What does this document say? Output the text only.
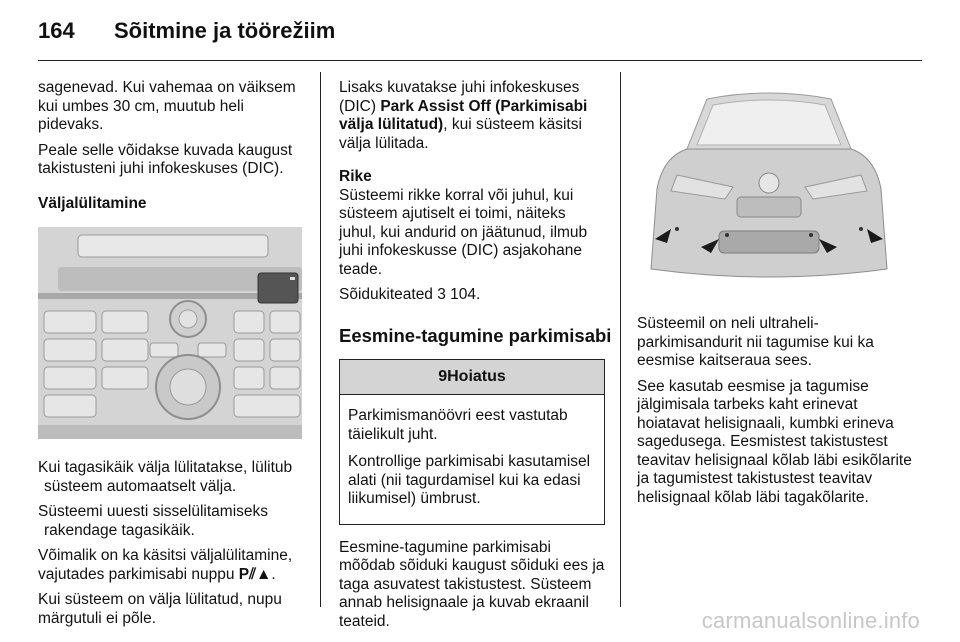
164 Sõitmine ja töörežiim

sagenevad. Kui vahemaa on väiksem kui umbes 30 cm, muutub heli pidevaks.

Peale selle võidakse kuvada kaugust takistusteni juhi infokeskuses (DIC).

Väljalülitamine

Kui tagasikäik välja lülitatakse, lülitub süsteem automaatselt välja.

Süsteemi uuesti sisselülitamiseks rakendage tagasikäik.

Võimalik on ka käsitsi väljalülitamine, vajutades parkimisabi nuppu P⫽▲.

Kui süsteem on välja lülitatud, nupu märgutuli ei põle.

Lisaks kuvatakse juhi infokeskuses (DIC) Park Assist Off (Parkimisabi välja lülitatud), kui süsteem käsitsi välja lülitada.

Rike

Süsteemi rikke korral või juhul, kui süsteem ajutiselt ei toimi, näiteks juhul, kui andurid on jäätunud, ilmub juhi infokeskusse (DIC) asjakohane teade.

Sõidukiteated 3 104.

Eesmine-tagumine parkimisabi

9 Hoiatus

Parkimismanöövri eest vastutab täielikult juht.

Kontrollige parkimisabi kasutamisel alati (nii tagurdamisel kui ka edasi liikumisel) ümbrust.

Eesmine-tagumine parkimisabi mõõdab sõiduki kaugust sõiduki ees ja taga asuvatest takistustest. Süsteem annab helisignaale ja kuvab ekraanil teateid.

Süsteemil on neli ultraheli-parkimisandurit nii tagumise kui ka eesmise kaitseraua sees.

See kasutab eesmise ja tagumise jälgimisala tarbeks kaht erinevat hoiatavat helisignaali, kumbki erineva sagedusega. Eesmistest takistustest teavitav helisignaal kõlab läbi esikõlarite ja tagumistest takistustest teavitav helisignaal kõlab läbi tagakõlarite.

carmanualsonline.info
